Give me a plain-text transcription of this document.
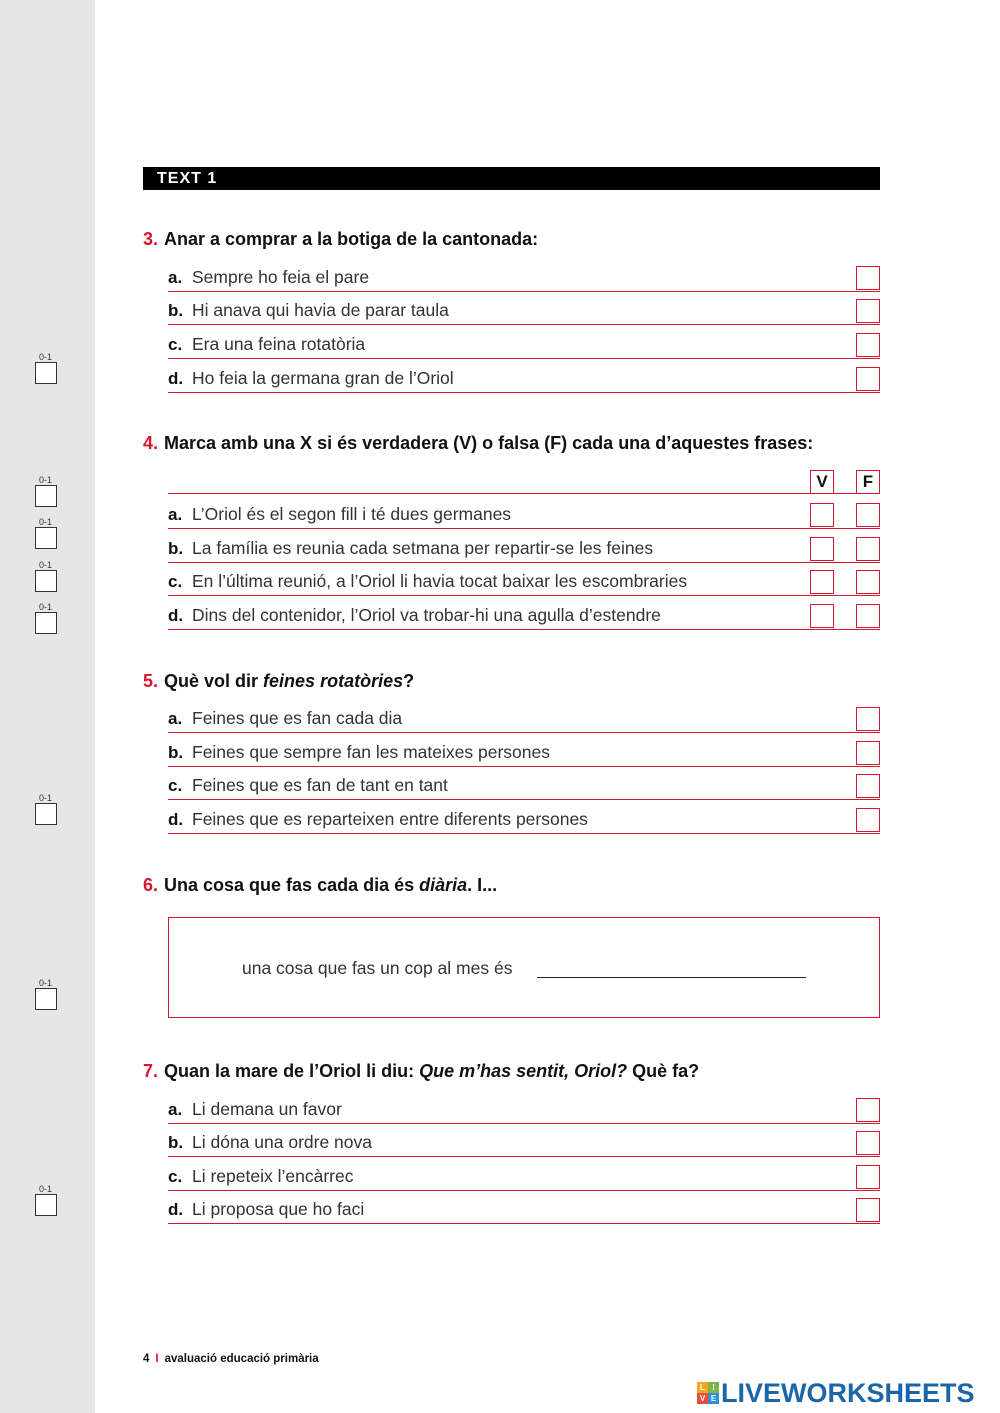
0-1
0-1
0-1
0-1
0-1
0-1
0-1
0-1
TEXT 1
3. Anar a comprar a la botiga de la cantonada:
a. Sempre ho feia el pare
b. Hi anava qui havia de parar taula
c. Era una feina rotatòria
d. Ho feia la germana gran de l’Oriol
4. Marca amb una X si és verdadera (V) o falsa (F) cada una d’aquestes frases:
V	F
a. L’Oriol és el segon fill i té dues germanes
b. La família es reunia cada setmana per repartir-se les feines
c. En l’última reunió, a l’Oriol li havia tocat baixar les escombraries
d. Dins del contenidor, l’Oriol va trobar-hi una agulla d’estendre
5. Què vol dir feines rotatòries?
a. Feines que es fan cada dia
b. Feines que sempre fan les mateixes persones
c. Feines que es fan de tant en tant
d. Feines que es reparteixen entre diferents persones
6. Una cosa que fas cada dia és diària. I...
una cosa que fas un cop al mes és
7. Quan la mare de l’Oriol li diu: Que m’has sentit, Oriol? Què fa?
a. Li demana un favor
b. Li dóna una ordre nova
c. Li repeteix l’encàrrec
d. Li proposa que ho faci
4 I avaluació educació primària
L I
V E LIVEWORKSHEETS
